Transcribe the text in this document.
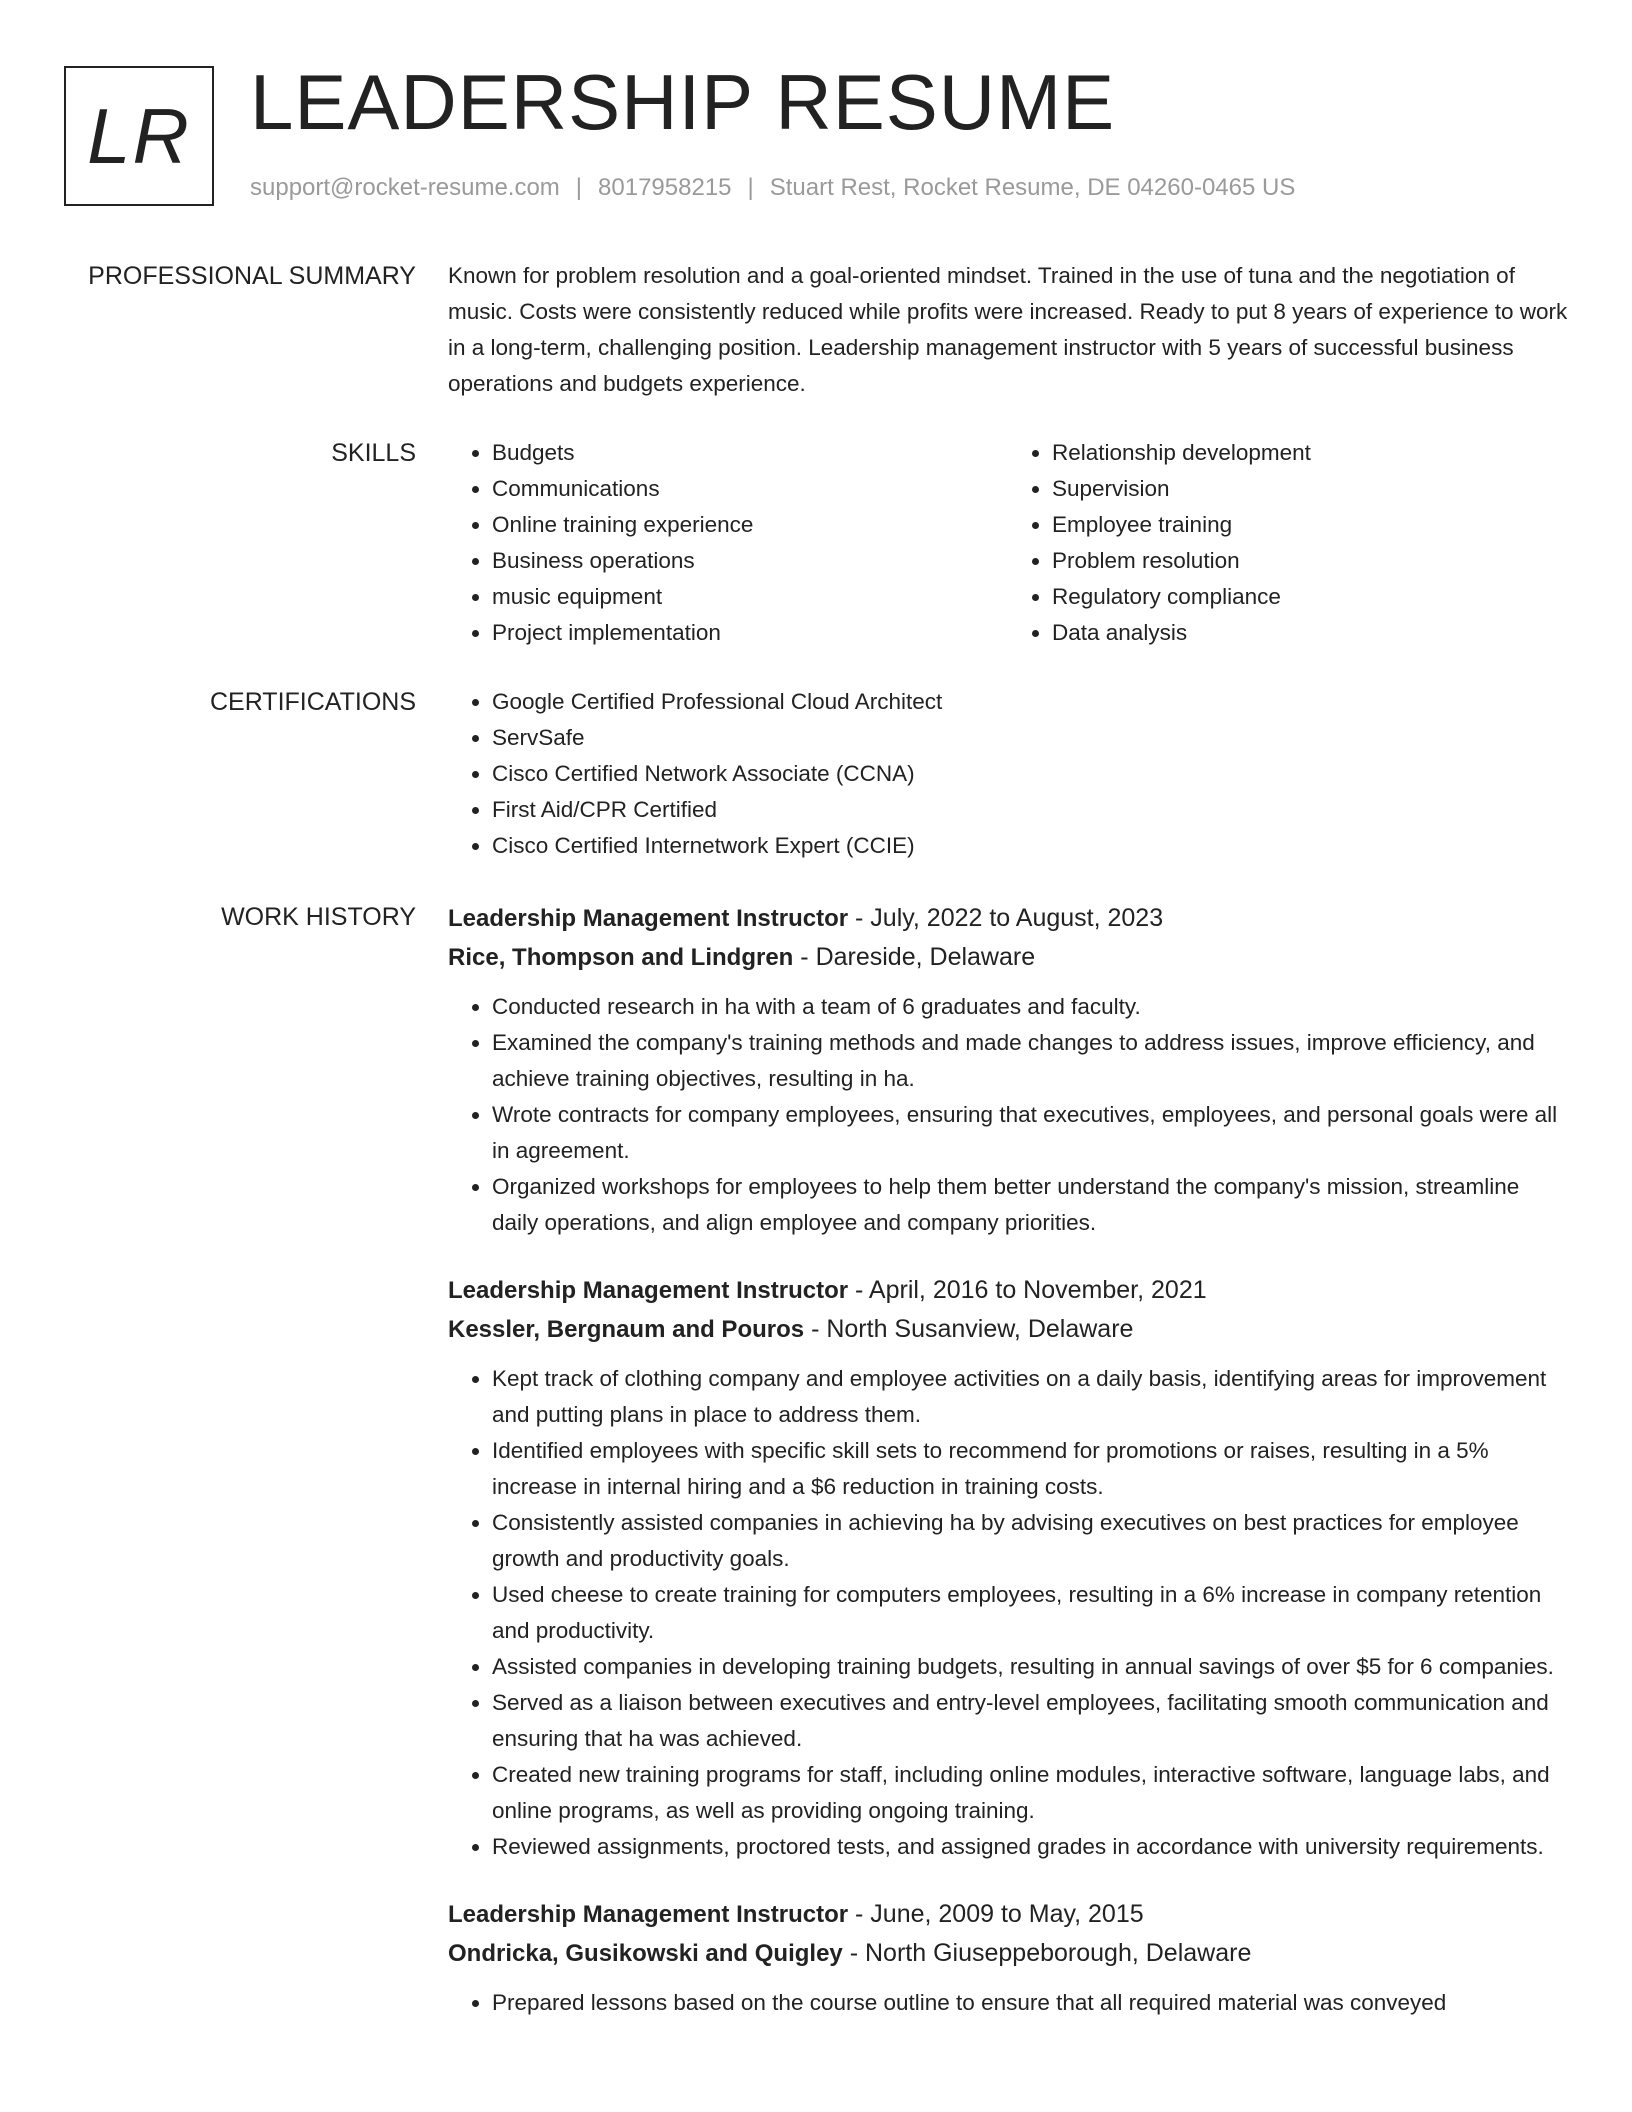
LR LEADERSHIP RESUME
support@rocket-resume.com | 8017958215 | Stuart Rest, Rocket Resume, DE 04260-0465 US
PROFESSIONAL SUMMARY Known for problem resolution and a goal-oriented mindset. Trained in the use of tuna and the negotiation of music. Costs were consistently reduced while profits were increased. Ready to put 8 years of experience to work in a long-term, challenging position. Leadership management instructor with 5 years of successful business operations and budgets experience.

SKILLS	• Budgets
• Communications
• Online training experience
• Business operations
• music equipment
• Project implementation
• Relationship development
• Supervision
• Employee training
• Problem resolution
• Regulatory compliance
• Data analysis
CERTIFICATIONS	• Google Certified Professional Cloud Architect
• ServSafe
• Cisco Certified Network Associate (CCNA)
• First Aid/CPR Certified
• Cisco Certified Internetwork Expert (CCIE)
WORK HISTORY Leadership Management Instructor - July, 2022 to August, 2023
Rice, Thompson and Lindgren - Dareside, Delaware
• Conducted research in ha with a team of 6 graduates and faculty.
• Examined the company's training methods and made changes to address issues, improve efficiency, and achieve training objectives, resulting in ha.
• Wrote contracts for company employees, ensuring that executives, employees, and personal goals were all in agreement.
• Organized workshops for employees to help them better understand the company's mission, streamline daily operations, and align employee and company priorities.
Leadership Management Instructor - April, 2016 to November, 2021
Kessler, Bergnaum and Pouros - North Susanview, Delaware
• Kept track of clothing company and employee activities on a daily basis, identifying areas for improvement and putting plans in place to address them.
• Identified employees with specific skill sets to recommend for promotions or raises, resulting in a 5% increase in internal hiring and a $6 reduction in training costs.
• Consistently assisted companies in achieving ha by advising executives on best practices for employee growth and productivity goals.
• Used cheese to create training for computers employees, resulting in a 6% increase in company retention and productivity.
• Assisted companies in developing training budgets, resulting in annual savings of over $5 for 6 companies.
• Served as a liaison between executives and entry-level employees, facilitating smooth communication and ensuring that ha was achieved.
• Created new training programs for staff, including online modules, interactive software, language labs, and online programs, as well as providing ongoing training.
• Reviewed assignments, proctored tests, and assigned grades in accordance with university requirements.
Leadership Management Instructor - June, 2009 to May, 2015
Ondricka, Gusikowski and Quigley - North Giuseppeborough, Delaware
• Prepared lessons based on the course outline to ensure that all required material was conveyed
